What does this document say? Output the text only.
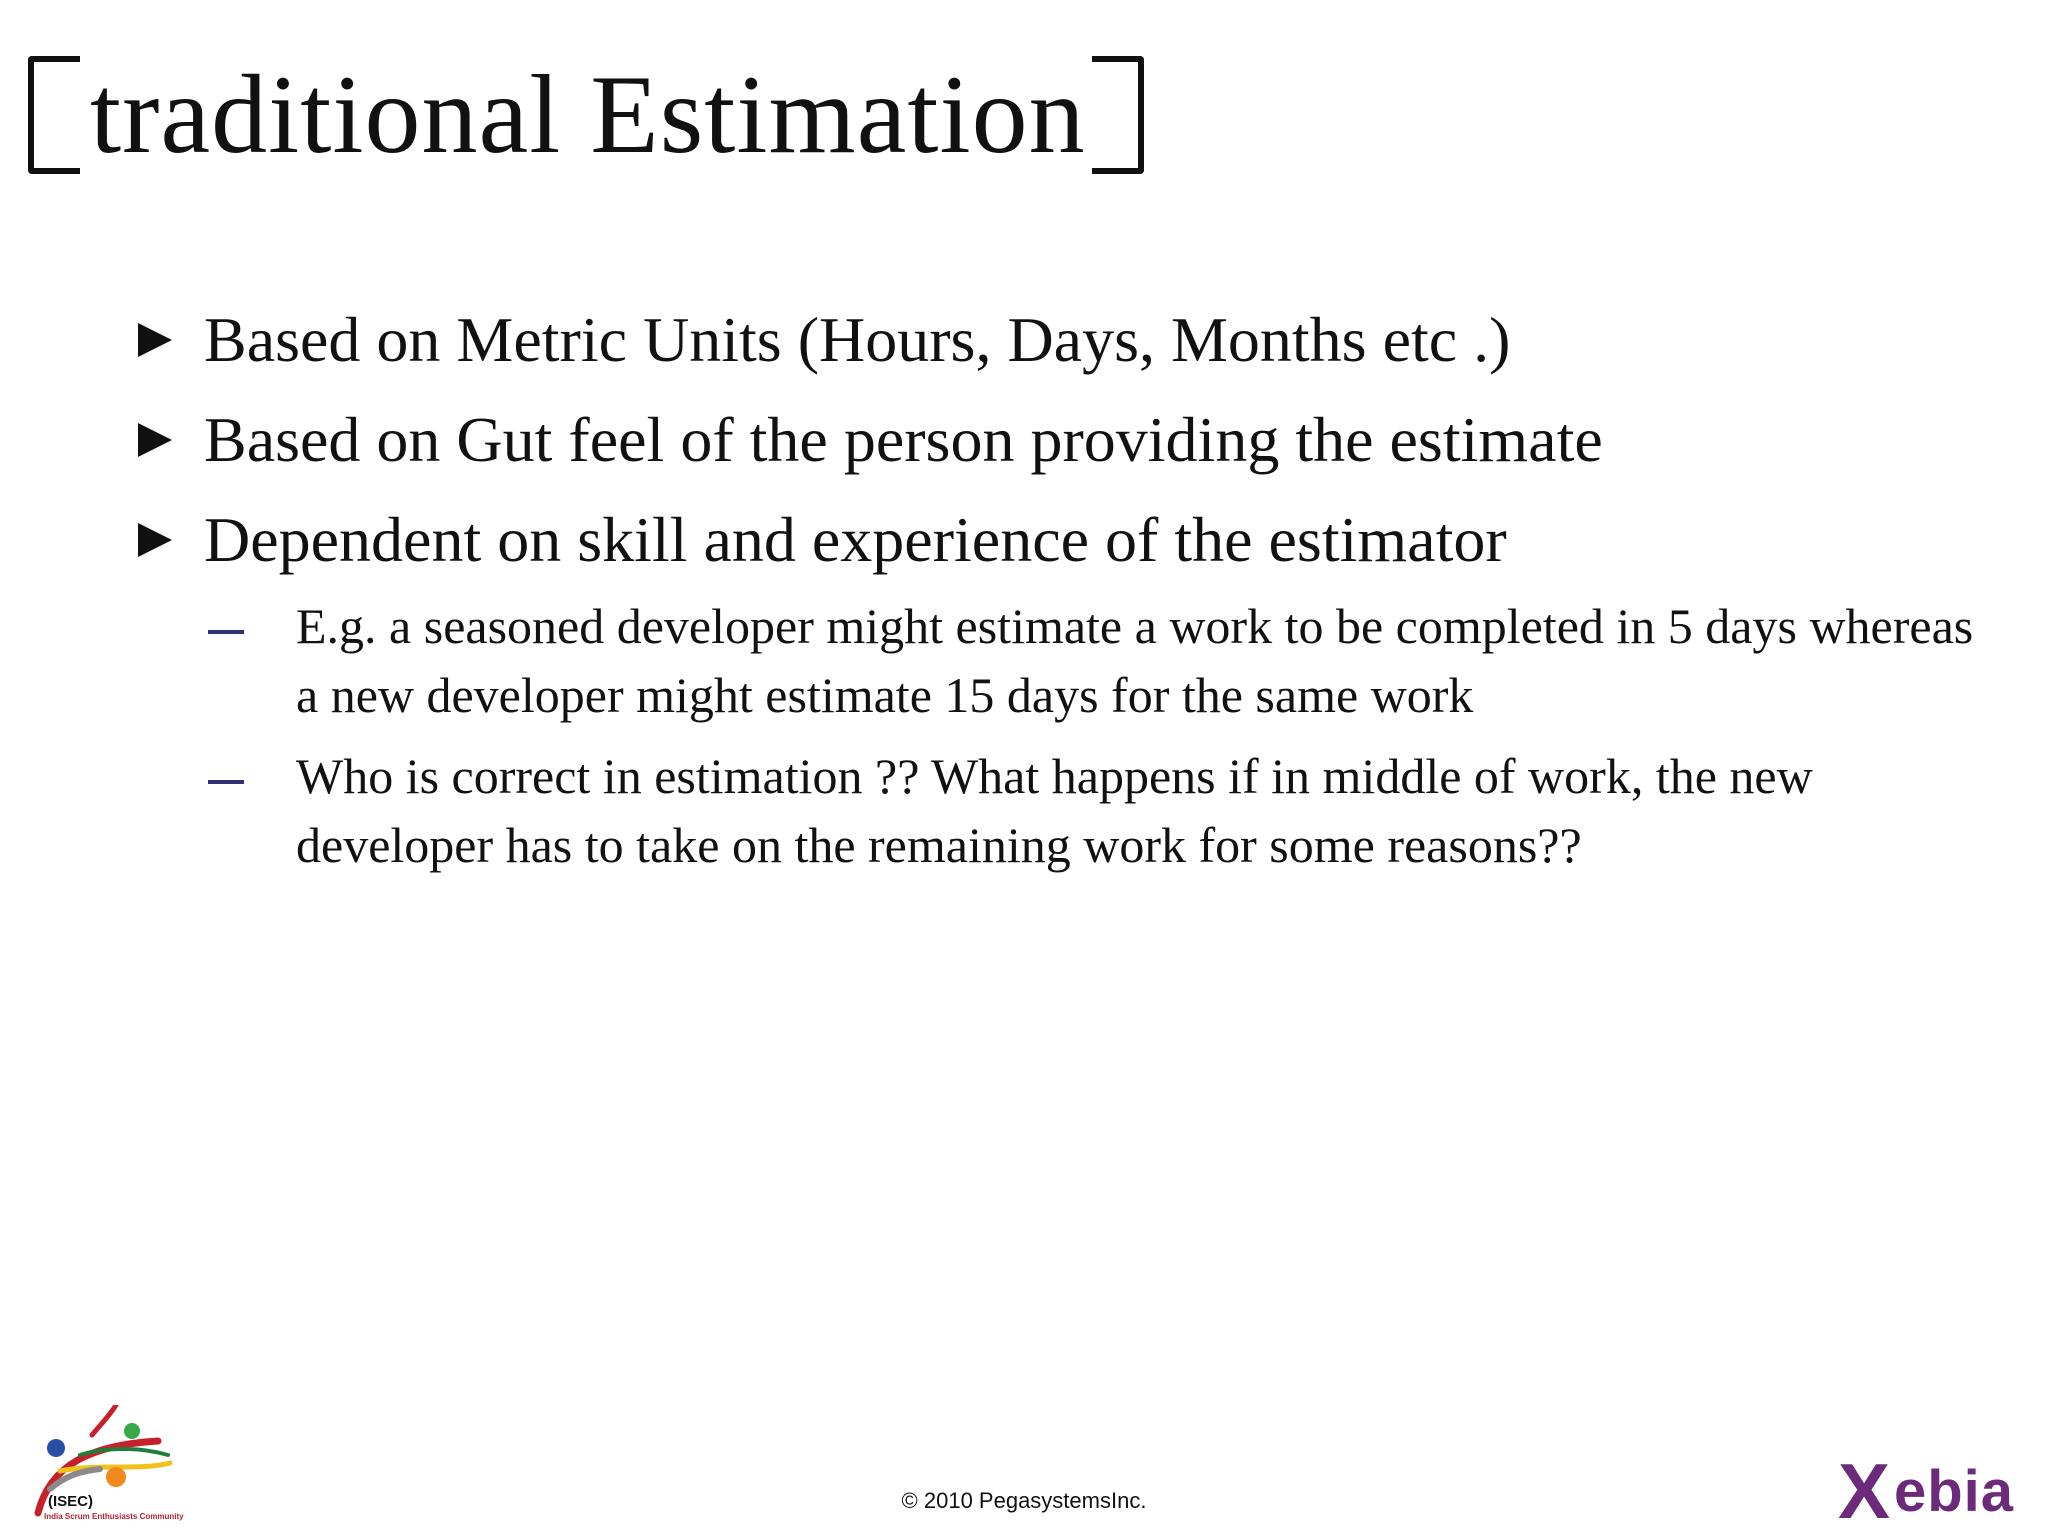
traditional Estimation
Based on Metric Units (Hours, Days, Months etc .)
Based on Gut feel of the person providing the estimate
Dependent on skill and experience of the estimator
E.g. a seasoned developer might estimate a work to be completed in 5 days whereas a new developer might estimate 15 days for the same work
Who is correct in estimation ?? What happens if in middle of work, the new developer has to take on the remaining work for some reasons??
(ISEC)
India Scrum Enthusiasts Community
© 2010 PegasystemsInc.	X ebia
